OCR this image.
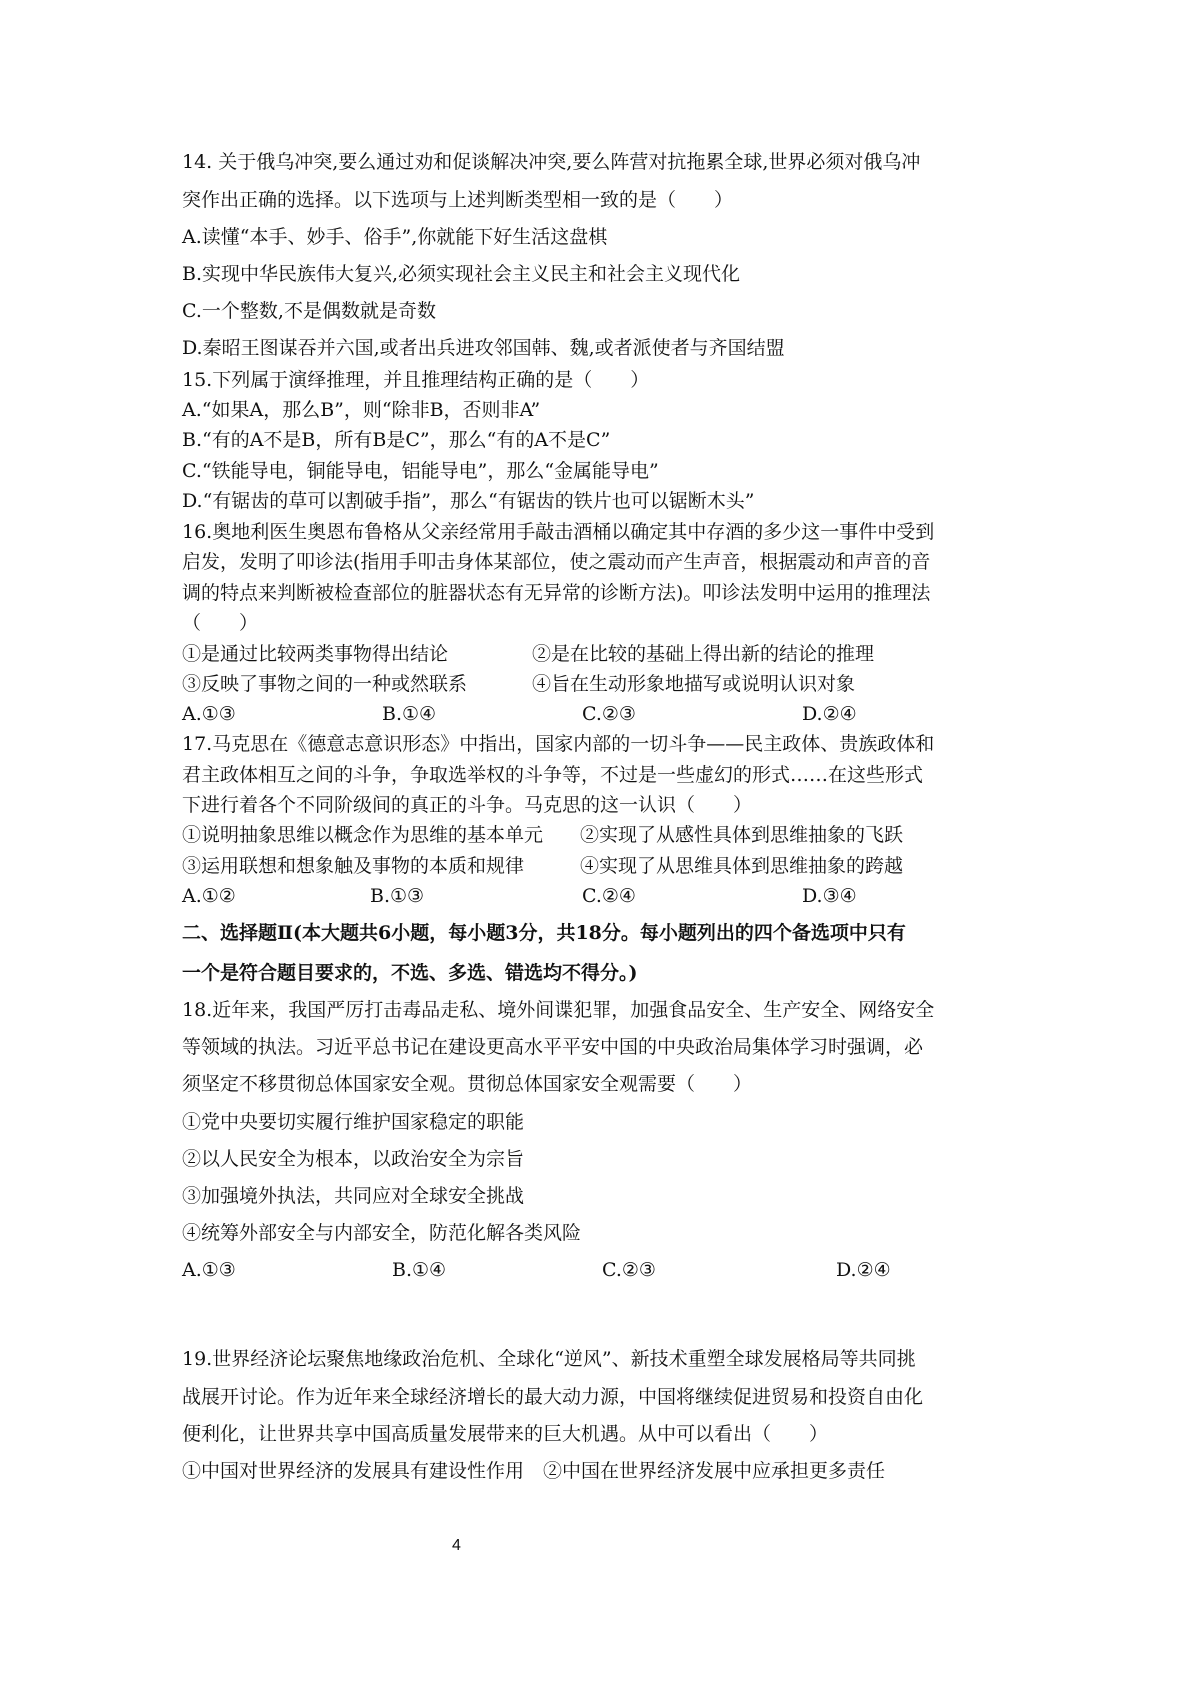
14. 关于俄乌冲突,要么通过劝和促谈解决冲突,要么阵营对抗拖累全球,世界必须对俄乌冲
突作出正确的选择。以下选项与上述判断类型相一致的是（　　）
A.读懂“本手、妙手、俗手”,你就能下好生活这盘棋
B.实现中华民族伟大复兴,必须实现社会主义民主和社会主义现代化
C.一个整数,不是偶数就是奇数
D.秦昭王图谋吞并六国,或者出兵进攻邻国韩、魏,或者派使者与齐国结盟
15.下列属于演绎推理，并且推理结构正确的是（　　）
A.“如果A，那么B”，则“除非B，否则非A”
B.“有的A不是B，所有B是C”，那么“有的A不是C”
C.“铁能导电，铜能导电，铝能导电”，那么“金属能导电”
D.“有锯齿的草可以割破手指”，那么“有锯齿的铁片也可以锯断木头”
16.奥地利医生奥恩布鲁格从父亲经常用手敲击酒桶以确定其中存酒的多少这一事件中受到
启发，发明了叩诊法(指用手叩击身体某部位，使之震动而产生声音，根据震动和声音的音
调的特点来判断被检查部位的脏器状态有无异常的诊断方法)。叩诊法发明中运用的推理法
（　　）
①是通过比较两类事物得出结论	②是在比较的基础上得出新的结论的推理
③反映了事物之间的一种或然联系	④旨在生动形象地描写或说明认识对象
A.①③	B.①④	C.②③	D.②④
17.马克思在《德意志意识形态》中指出，国家内部的一切斗争——民主政体、贵族政体和
君主政体相互之间的斗争，争取选举权的斗争等，不过是一些虚幻的形式……在这些形式
下进行着各个不同阶级间的真正的斗争。马克思的这一认识（　　）
①说明抽象思维以概念作为思维的基本单元 ②实现了从感性具体到思维抽象的飞跃
③运用联想和想象触及事物的本质和规律	④实现了从思维具体到思维抽象的跨越
A.①②	B.①③	C.②④	D.③④
二、选择题Ⅱ(本大题共6小题，每小题3分，共18分。每小题列出的四个备选项中只有
一个是符合题目要求的，不选、多选、错选均不得分。)
18.近年来，我国严厉打击毒品走私、境外间谍犯罪，加强食品安全、生产安全、网络安全
等领域的执法。习近平总书记在建设更高水平平安中国的中央政治局集体学习时强调，必
须坚定不移贯彻总体国家安全观。贯彻总体国家安全观需要（　　）
①党中央要切实履行维护国家稳定的职能
②以人民安全为根本，以政治安全为宗旨
③加强境外执法，共同应对全球安全挑战
④统筹外部安全与内部安全，防范化解各类风险
A.①③	B.①④	C.②③	D.②④
19.世界经济论坛聚焦地缘政治危机、全球化“逆风”、新技术重塑全球发展格局等共同挑
战展开讨论。作为近年来全球经济增长的最大动力源，中国将继续促进贸易和投资自由化
便利化，让世界共享中国高质量发展带来的巨大机遇。从中可以看出（　　）
①中国对世界经济的发展具有建设性作用　②中国在世界经济发展中应承担更多责任
4
